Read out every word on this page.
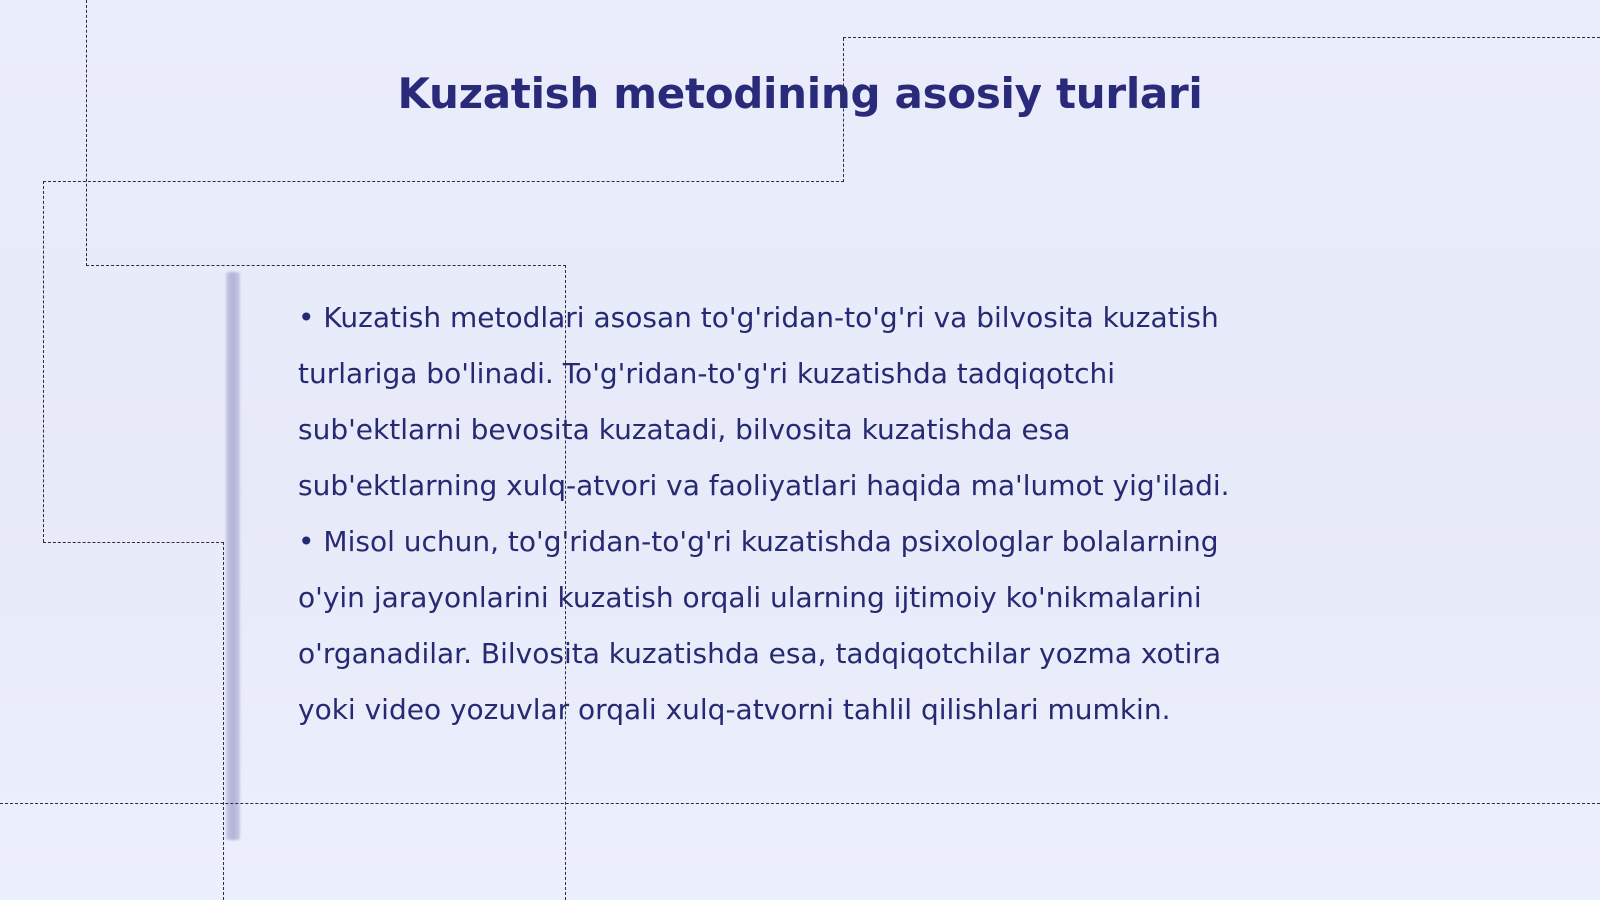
Kuzatish metodining asosiy turlari

• Kuzatish metodlari asosan to'g'ridan-to'g'ri va bilvosita kuzatish turlariga bo'linadi. To'g'ridan-to'g'ri kuzatishda tadqiqotchi sub'ektlarni bevosita kuzatadi, bilvosita kuzatishda esa sub'ektlarning xulq-atvori va faoliyatlari haqida ma'lumot yig'iladi.

• Misol uchun, to'g'ridan-to'g'ri kuzatishda psixologlar bolalarning o'yin jarayonlarini kuzatish orqali ularning ijtimoiy ko'nikmalarini o'rganadilar. Bilvosita kuzatishda esa, tadqiqotchilar yozma xotira yoki video yozuvlar orqali xulq-atvorni tahlil qilishlari mumkin.
